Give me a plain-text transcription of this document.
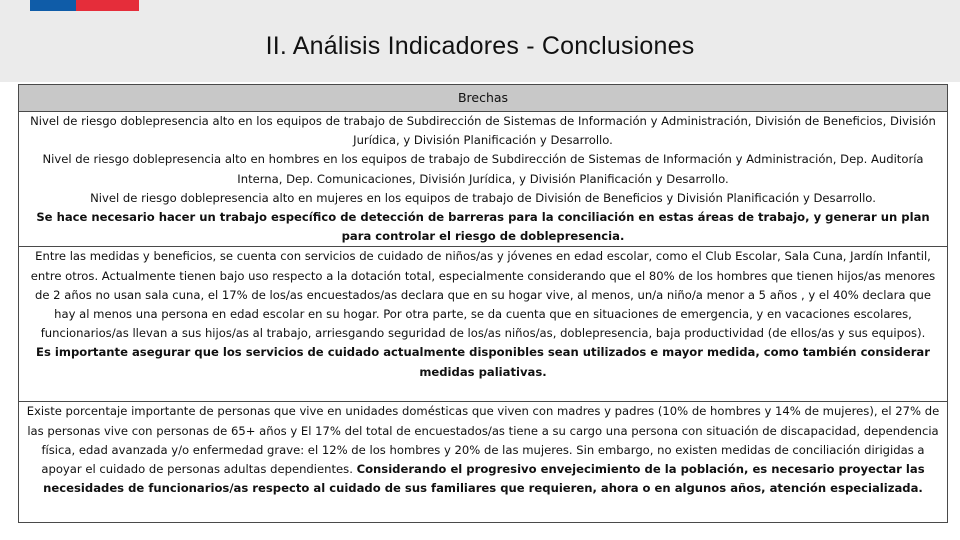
II. Análisis Indicadores - Conclusiones
Brechas

Nivel de riesgo doblepresencia alto en los equipos de trabajo de Subdirección de Sistemas de Información y Administración, División de Beneficios, División Jurídica, y División Planificación y Desarrollo.
Nivel de riesgo doblepresencia alto en hombres en los equipos de trabajo de Subdirección de Sistemas de Información y Administración, Dep. Auditoría Interna, Dep. Comunicaciones, División Jurídica, y División Planificación y Desarrollo.
Nivel de riesgo doblepresencia alto en mujeres en los equipos de trabajo de División de Beneficios y División Planificación y Desarrollo.
Se hace necesario hacer un trabajo específico de detección de barreras para la conciliación en estas áreas de trabajo, y generar un plan para controlar el riesgo de doblepresencia.

Entre las medidas y beneficios, se cuenta con servicios de cuidado de niños/as y jóvenes en edad escolar, como el Club Escolar, Sala Cuna, Jardín Infantil, entre otros. Actualmente tienen bajo uso respecto a la dotación total, especialmente considerando que el 80% de los hombres que tienen hijos/as menores de 2 años no usan sala cuna, el 17% de los/as encuestados/as declara que en su hogar vive, al menos, un/a niño/a menor a 5 años , y el 40% declara que hay al menos una persona en edad escolar en su hogar. Por otra parte, se da cuenta que en situaciones de emergencia, y en vacaciones escolares, funcionarios/as llevan a sus hijos/as al trabajo, arriesgando seguridad de los/as niños/as, doblepresencia, baja productividad (de ellos/as y sus equipos).
Es importante asegurar que los servicios de cuidado actualmente disponibles sean utilizados e mayor medida, como también considerar medidas paliativas.

Existe porcentaje importante de personas que vive en unidades domésticas que viven con madres y padres (10% de hombres y 14% de mujeres), el 27% de las personas vive con personas de 65+ años y El 17% del total de encuestados/as tiene a su cargo una persona con situación de discapacidad, dependencia física, edad avanzada y/o enfermedad grave: el 12% de los hombres y 20% de las mujeres. Sin embargo, no existen medidas de conciliación dirigidas a apoyar el cuidado de personas adultas dependientes. Considerando el progresivo envejecimiento de la población, es necesario proyectar las necesidades de funcionarios/as respecto al cuidado de sus familiares que requieren, ahora o en algunos años, atención especializada.
